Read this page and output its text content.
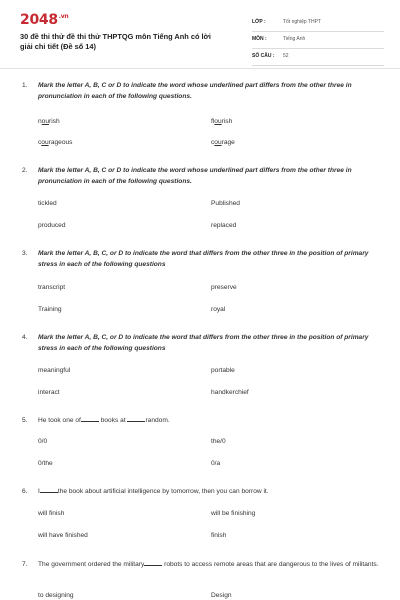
$2048^{.vn}$
30 đề thi thử đề thi thử THPTQG môn Tiếng Anh có lời giải chi tiết (Đề số 14)
LỚP :	Tốt nghiệp THPT
MÔN :	Tiếng Anh
SỐ CÂU : 52
1. Mark the letter A, B, C or D to indicate the word whose underlined part differs from the other three in pronunciation in each of the following questions.
nourish	flourish
courageous	courage
2. Mark the letter A, B, C or D to indicate the word whose underlined part differs from the other three in pronunciation in each of the following questions.
tickled	Published
produced	replaced
3. Mark the letter A, B, C, or D to indicate the word that differs from the other three in the position of primary stress in each of the following questions
transcript	preserve
Training	royal
4. Mark the letter A, B, C, or D to indicate the word that differs from the other three in the position of primary stress in each of the following questions
meaningful	portable
interact	handkerchief
5. He took one of	books at	random.
0/0	the/0
0/the	0/a
6. I	the book about artificial intelligence by tomorrow, then you can borrow it.
will finish	will be finishing
will have finished	finish
7. The government ordered the military	robots to access remote areas that are dangerous to the lives of militants.
to designing	Design
